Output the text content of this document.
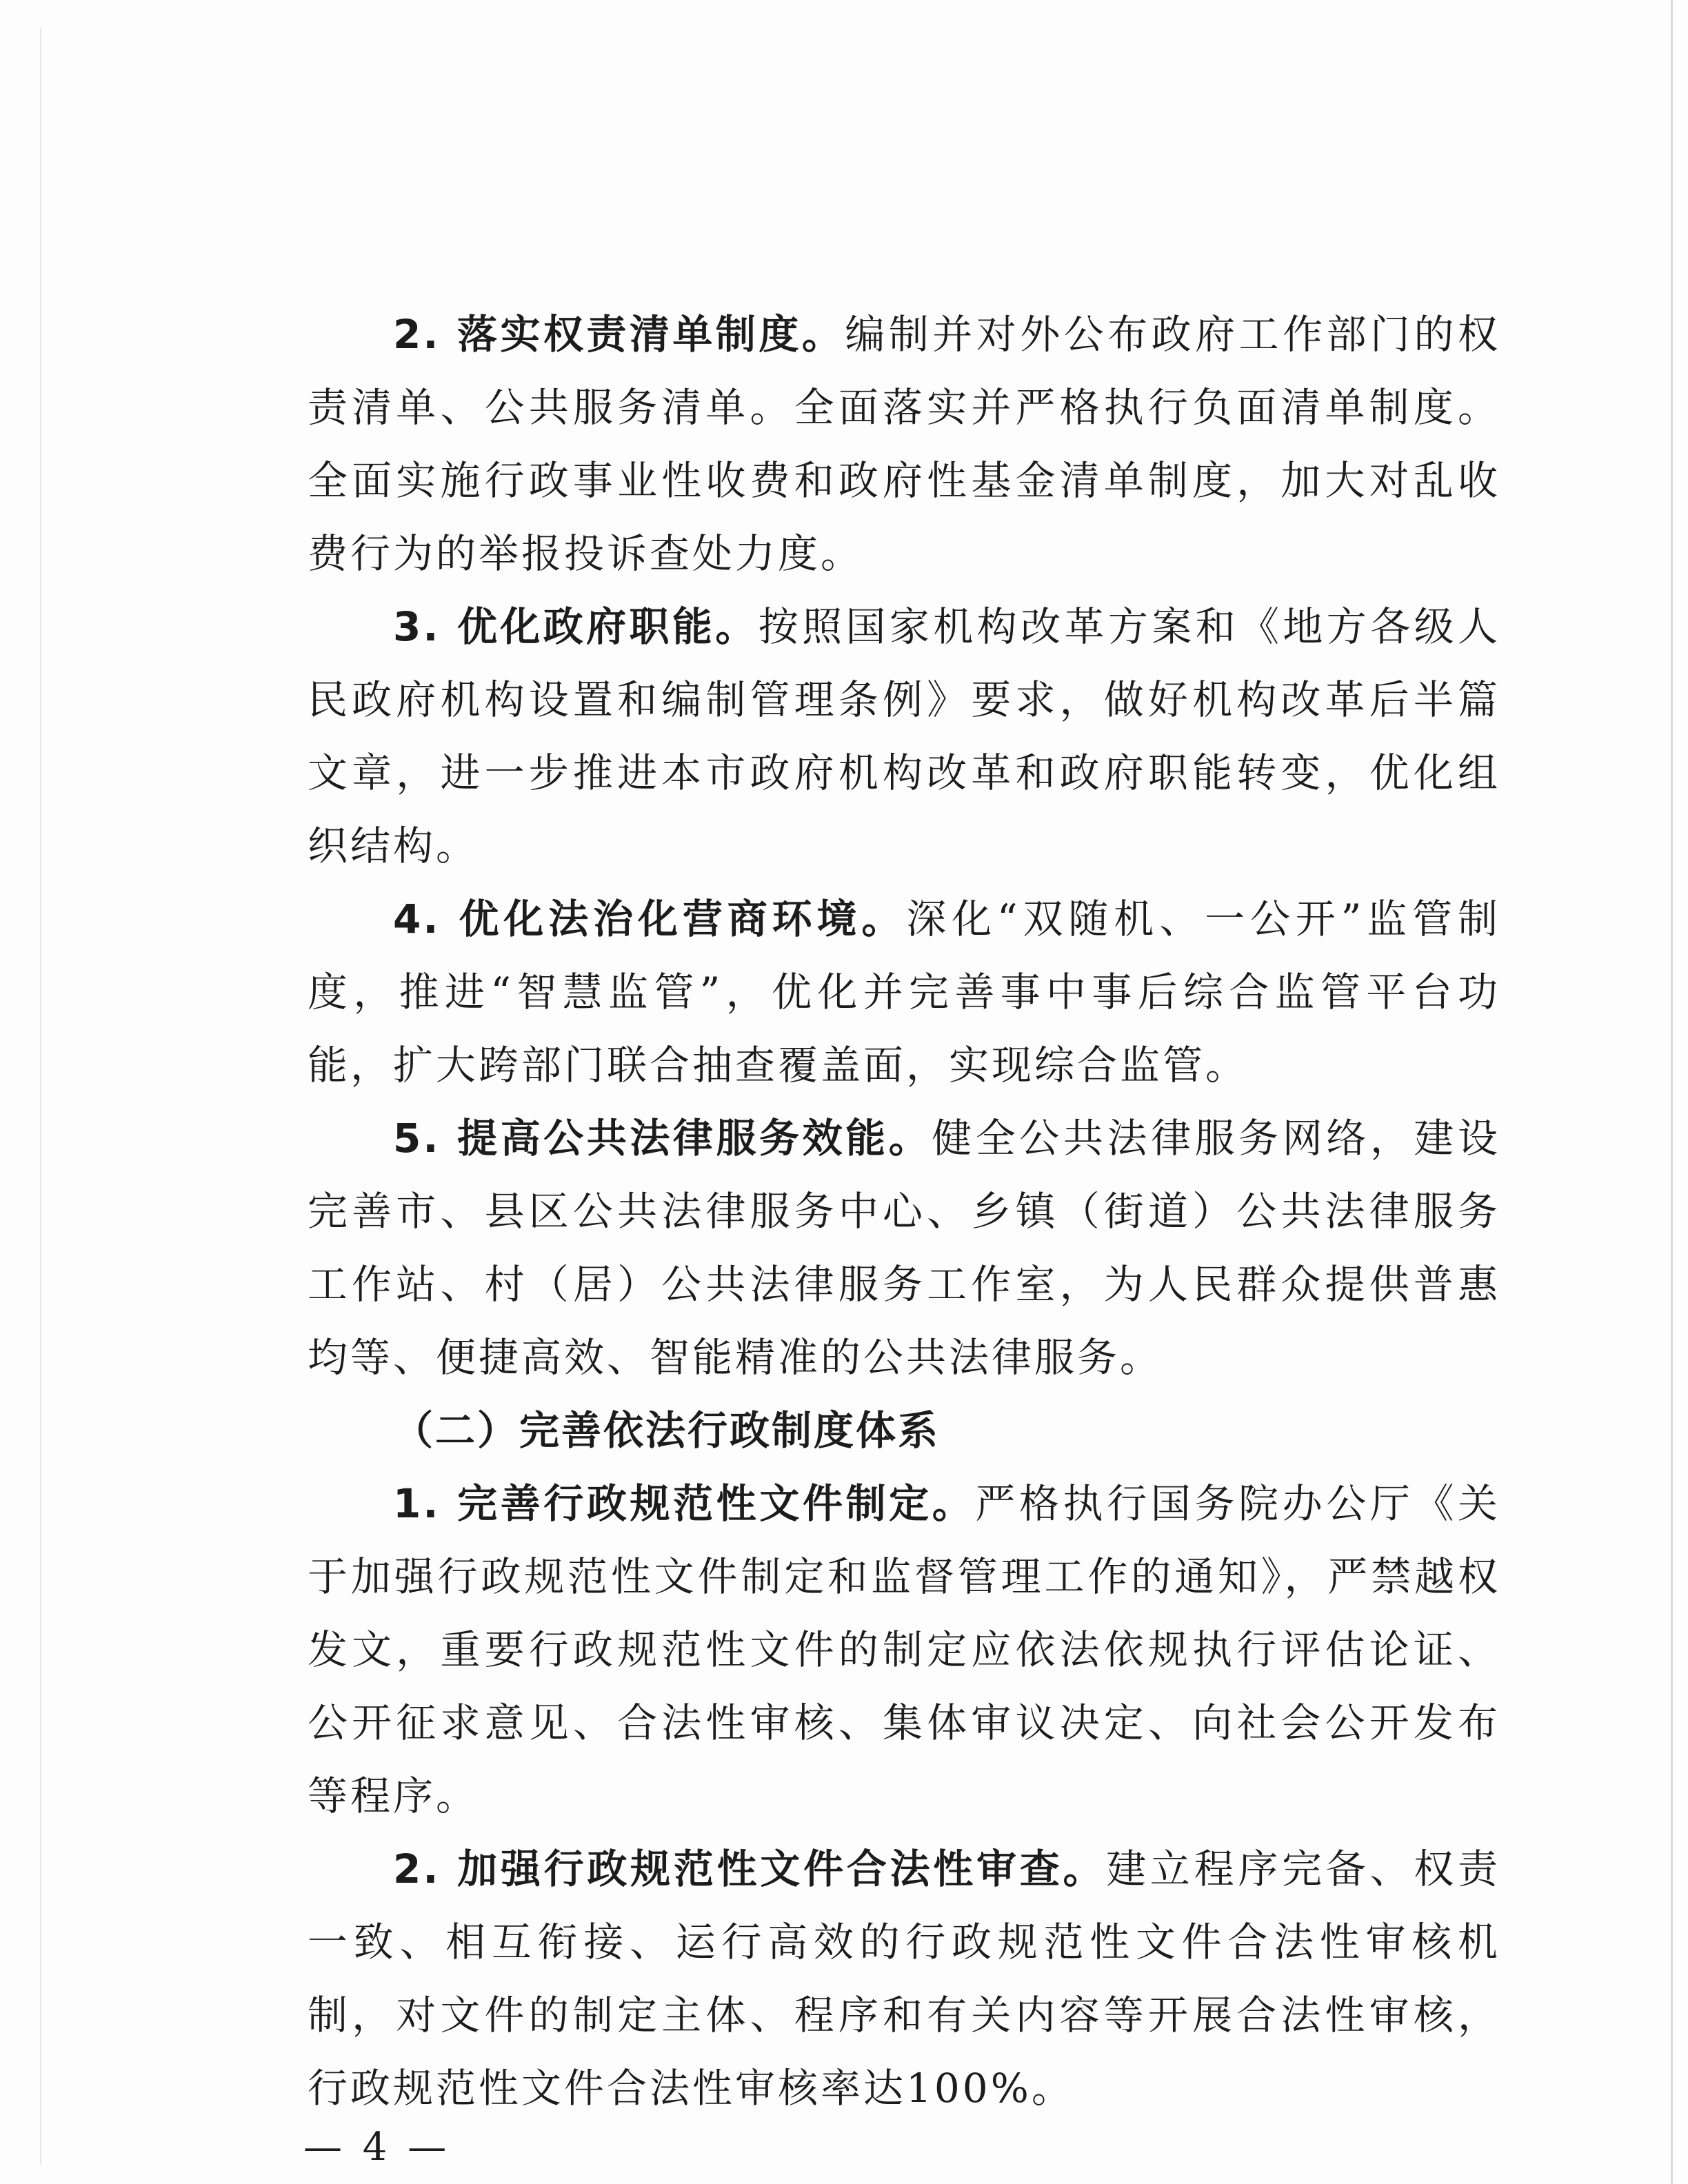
2. 落实权责清单制度。编制并对外公布政府工作部门的权责清单、公共服务清单。全面落实并严格执行负面清单制度。全面实施行政事业性收费和政府性基金清单制度，加大对乱收费行为的举报投诉查处力度。

3. 优化政府职能。按照国家机构改革方案和《地方各级人民政府机构设置和编制管理条例》要求，做好机构改革后半篇文章，进一步推进本市政府机构改革和政府职能转变，优化组织结构。

4. 优化法治化营商环境。深化“双随机、一公开”监管制度，推进“智慧监管”，优化并完善事中事后综合监管平台功能，扩大跨部门联合抽查覆盖面，实现综合监管。

5. 提高公共法律服务效能。健全公共法律服务网络，建设完善市、县区公共法律服务中心、乡镇（街道）公共法律服务工作站、村（居）公共法律服务工作室，为人民群众提供普惠均等、便捷高效、智能精准的公共法律服务。

（二）完善依法行政制度体系

1. 完善行政规范性文件制定。严格执行国务院办公厅《关于加强行政规范性文件制定和监督管理工作的通知》，严禁越权发文，重要行政规范性文件的制定应依法依规执行评估论证、公开征求意见、合法性审核、集体审议决定、向社会公开发布等程序。

2. 加强行政规范性文件合法性审查。建立程序完备、权责一致、相互衔接、运行高效的行政规范性文件合法性审核机制，对文件的制定主体、程序和有关内容等开展合法性审核，行政规范性文件合法性审核率达100%。

— 4 —
